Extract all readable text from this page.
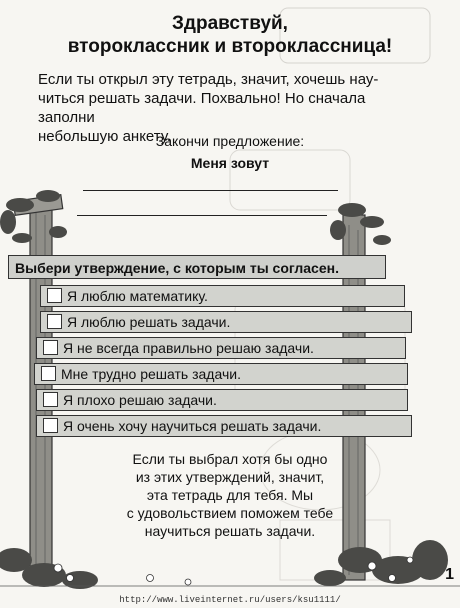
Здравствуй,
второклассник и второклассница!
Если ты открыл эту тетрадь, значит, хочешь нау-
читься решать задачи. Похвально! Но сначала заполни
небольшую анкету.
Закончи предложение:
Меня зовут
Выбери утверждение, с которым ты согласен.
Я люблю математику.
Я люблю решать задачи.
Я не всегда правильно решаю задачи.
Мне трудно решать задачи.
Я плохо решаю задачи.
Я очень хочу научиться решать задачи.
Если ты выбрал хотя бы одно
из этих утверждений, значит,
эта тетрадь для тебя. Мы
с удовольствием поможем тебе
научиться решать задачи.
1
http://www.liveinternet.ru/users/ksu1111/
